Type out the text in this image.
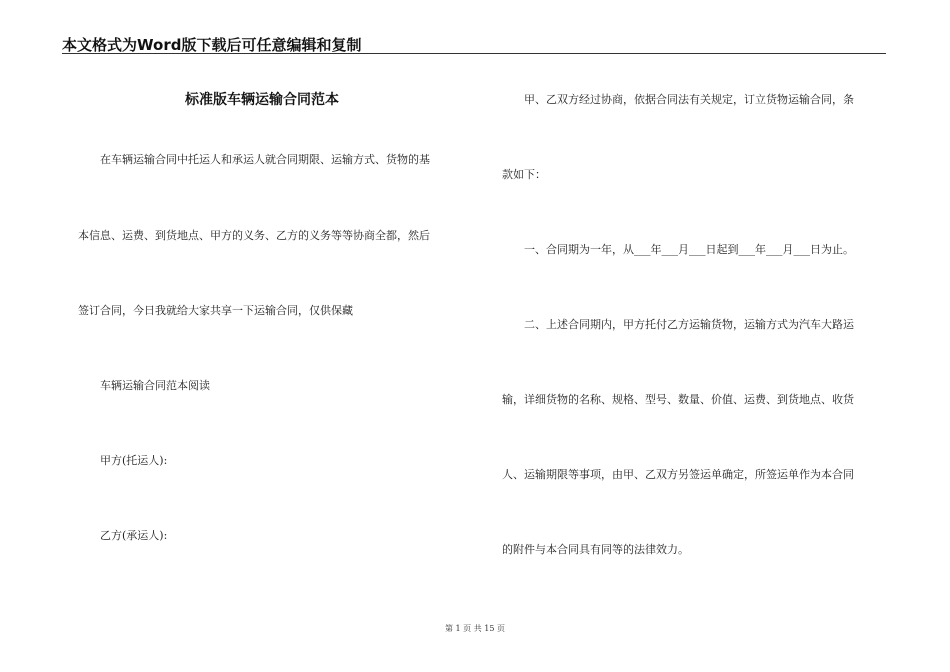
本文格式为Word版下载后可任意编辑和复制
标准版车辆运输合同范本
在车辆运输合同中托运人和承运人就合同期限、运输方式、货物的基
本信息、运费、到货地点、甲方的义务、乙方的义务等等协商全都，然后
签订合同，今日我就给大家共享一下运输合同，仅供保藏
车辆运输合同范本阅读
甲方(托运人):
乙方(承运人):
甲、乙双方经过协商，依据合同法有关规定，订立货物运输合同，条
款如下：
一、合同期为一年，从___年___月___日起到___年___月___日为止。
二、上述合同期内，甲方托付乙方运输货物，运输方式为汽车大路运
输，详细货物的名称、规格、型号、数量、价值、运费、到货地点、收货
人、运输期限等事项，由甲、乙双方另签运单确定，所签运单作为本合同
的附件与本合同具有同等的法律效力。
第 1 页 共 15 页
